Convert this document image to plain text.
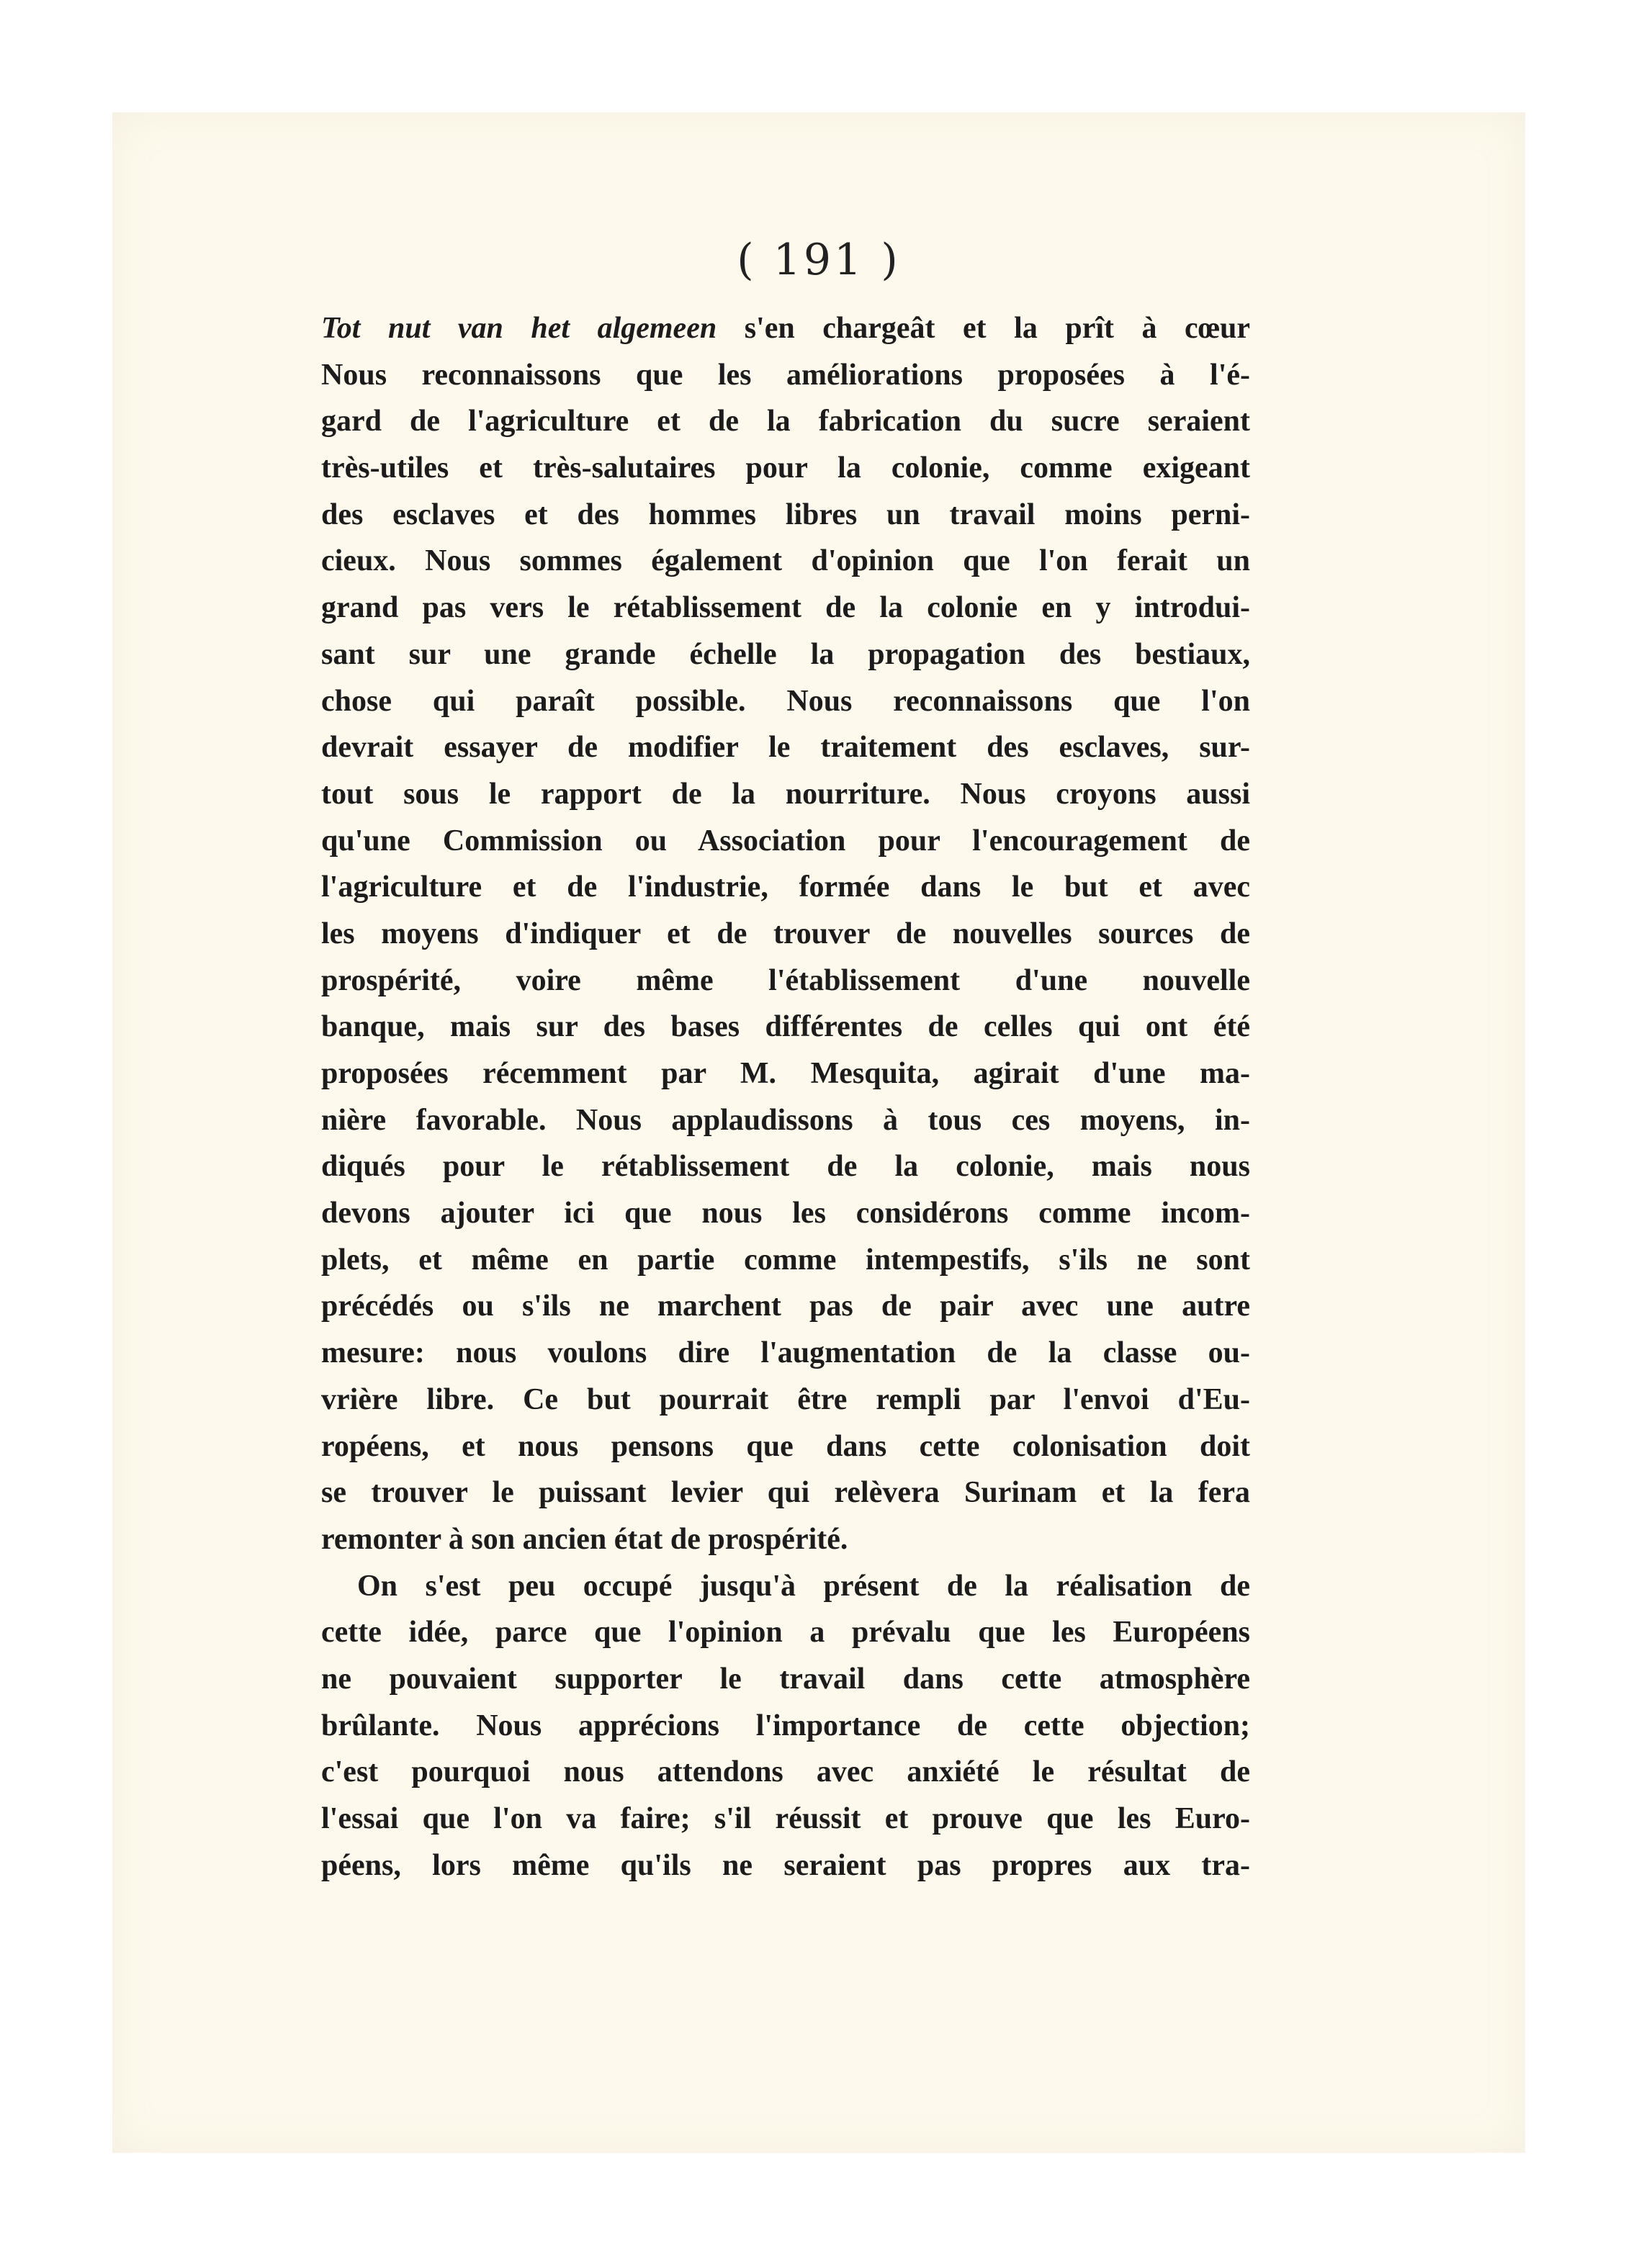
( 191 )
Tot nut van het algemeen s'en chargeât et la prît à cœur
Nous reconnaissons que les améliorations proposées à l'é-
gard de l'agriculture et de la fabrication du sucre seraient
très-utiles et très-salutaires pour la colonie, comme exigeant
des esclaves et des hommes libres un travail moins perni-
cieux. Nous sommes également d'opinion que l'on ferait un
grand pas vers le rétablissement de la colonie en y introdui-
sant sur une grande échelle la propagation des bestiaux,
chose qui paraît possible. Nous reconnaissons que l'on
devrait essayer de modifier le traitement des esclaves, sur-
tout sous le rapport de la nourriture. Nous croyons aussi
qu'une Commission ou Association pour l'encouragement de
l'agriculture et de l'industrie, formée dans le but et avec
les moyens d'indiquer et de trouver de nouvelles sources de
prospérité, voire même l'établissement d'une nouvelle
banque, mais sur des bases différentes de celles qui ont été
proposées récemment par M. Mesquita, agirait d'une ma-
nière favorable. Nous applaudissons à tous ces moyens, in-
diqués pour le rétablissement de la colonie, mais nous
devons ajouter ici que nous les considérons comme incom-
plets, et même en partie comme intempestifs, s'ils ne sont
précédés ou s'ils ne marchent pas de pair avec une autre
mesure: nous voulons dire l'augmentation de la classe ou-
vrière libre. Ce but pourrait être rempli par l'envoi d'Eu-
ropéens, et nous pensons que dans cette colonisation doit
se trouver le puissant levier qui relèvera Surinam et la fera
remonter à son ancien état de prospérité.
On s'est peu occupé jusqu'à présent de la réalisation de
cette idée, parce que l'opinion a prévalu que les Européens
ne pouvaient supporter le travail dans cette atmosphère
brûlante. Nous apprécions l'importance de cette objection;
c'est pourquoi nous attendons avec anxiété le résultat de
l'essai que l'on va faire; s'il réussit et prouve que les Euro-
péens, lors même qu'ils ne seraient pas propres aux tra-
